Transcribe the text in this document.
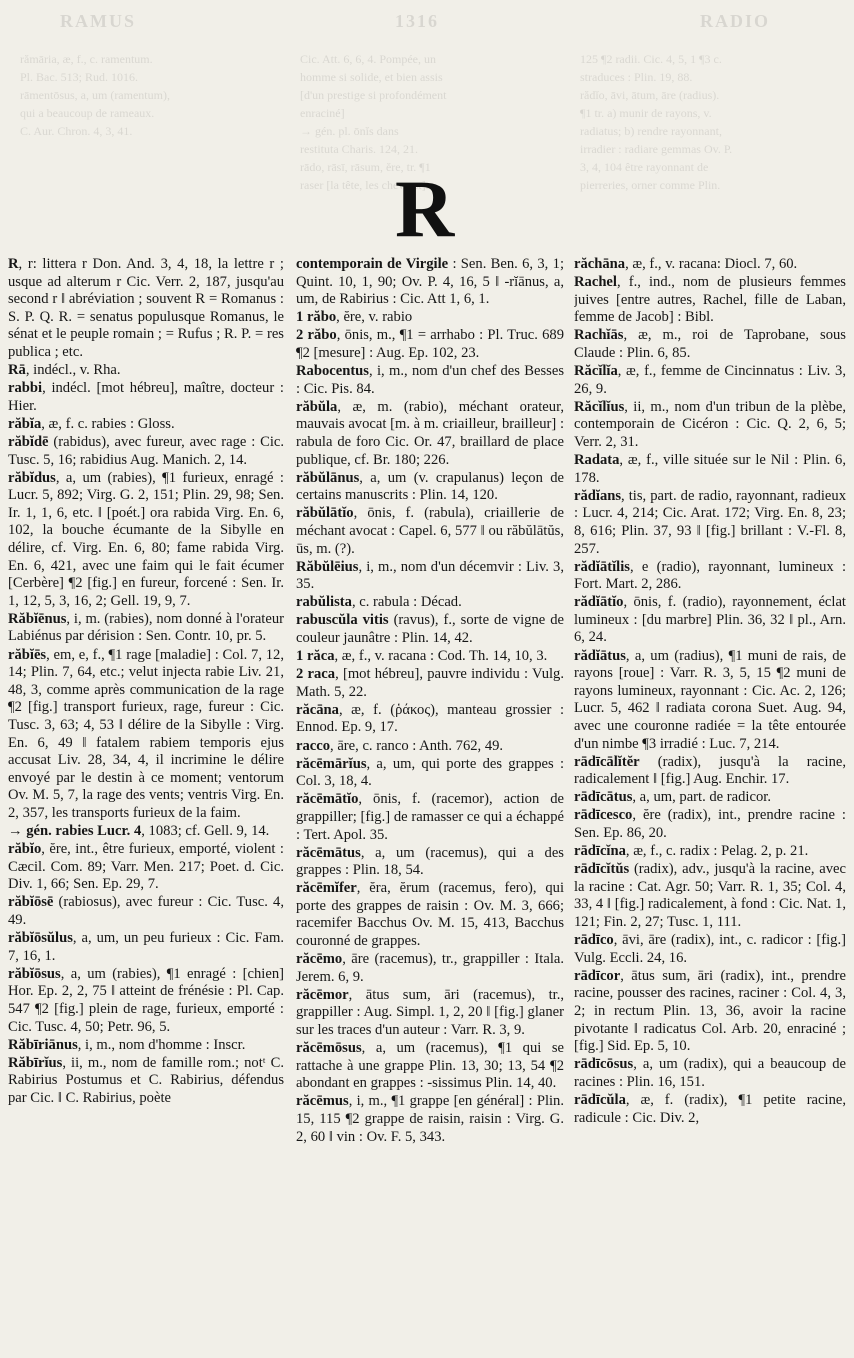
RAMUS	1316	RADIO
rămāria, æ, f., c. ramentum.
Pl. Bac. 513; Rud. 1016.
rāmentōsus, a, um (ramentum),
qui a beaucoup de rameaux.
C. Aur. Chron. 4, 3, 41.
Cic. Att. 6, 6, 4. Pompée, un
homme si solide, et bien assis
[d'un prestige si profondément
enraciné]
→ gén. pl. ōnĭs dans
restituta Charis. 124, 21.
rādo, rāsī, rāsum, ĕre, tr. ¶1
raser [la tête, les cheveux].
125 ¶2 radii. Cic. 4, 5, 1 ¶3 c.
straduces : Plin. 19, 88.
rădĭo, āvi, ātum, āre (radius).
¶1 tr. a) munir de rayons, v.
radiatus; b) rendre rayonnant,
irradier : radiare gemmas Ov. P.
3, 4, 104 être rayonnant de
pierreries, orner comme Plin.
R

R, r: littera r Don. And. 3, 4, 18, la lettre r ; usque ad alterum r Cic. Verr. 2, 187, jusqu'au second r ‖ abréviation ; souvent R = Romanus : S. P. Q. R. = senatus populusque Romanus, le sénat et le peuple romain ; = Rufus ; R. P. = res publica ; etc.

Rā, indécl., v. Rha.

rabbi, indécl. [mot hébreu], maître, docteur : Hier.

răbĭa, æ, f. c. rabies : Gloss.

răbĭdē (rabidus), avec fureur, avec rage : Cic. Tusc. 5, 16; rabidius Aug. Manich. 2, 14.

răbĭdus, a, um (rabies), ¶1 furieux, enragé : Lucr. 5, 892; Virg. G. 2, 151; Plin. 29, 98; Sen. Ir. 1, 1, 6, etc. ‖ [poét.] ora rabida Virg. En. 6, 102, la bouche écumante de la Sibylle en délire, cf. Virg. En. 6, 80; fame rabida Virg. En. 6, 421, avec une faim qui le fait écumer [Cerbère] ¶2 [fig.] en fureur, forcené : Sen. Ir. 1, 12, 5, 3, 16, 2; Gell. 19, 9, 7.

Răbĭēnus, i, m. (rabies), nom donné à l'orateur Labiénus par dérision : Sen. Contr. 10, pr. 5.

răbĭēs, em, e, f., ¶1 rage [maladie] : Col. 7, 12, 14; Plin. 7, 64, etc.; velut injecta rabie Liv. 21, 48, 3, comme après communication de la rage ¶2 [fig.] transport furieux, rage, fureur : Cic. Tusc. 3, 63; 4, 53 ‖ délire de la Sibylle : Virg. En. 6, 49 ‖ fatalem rabiem temporis ejus accusat Liv. 28, 34, 4, il incrimine le délire envoyé par le destin à ce moment; ventorum Ov. M. 5, 7, la rage des vents; ventris Virg. En. 2, 357, les transports furieux de la faim.

→ gén. rabies Lucr. 4, 1083; cf. Gell. 9, 14.

răbĭo, ĕre, int., être furieux, emporté, violent : Cæcil. Com. 89; Varr. Men. 217; Poet. d. Cic. Div. 1, 66; Sen. Ep. 29, 7.

răbĭōsē (rabiosus), avec fureur : Cic. Tusc. 4, 49.

răbĭōsŭlus, a, um, un peu furieux : Cic. Fam. 7, 16, 1.

răbĭōsus, a, um (rabies), ¶1 enragé : [chien] Hor. Ep. 2, 2, 75 ‖ atteint de frénésie : Pl. Cap. 547 ¶2 [fig.] plein de rage, furieux, emporté : Cic. Tusc. 4, 50; Petr. 96, 5.

Răbīriānus, i, m., nom d'homme : Inscr.

Răbīrĭus, ii, m., nom de famille rom.; notᵗ C. Rabirius Postumus et C. Rabirius, défendus par Cic. ‖ C. Rabirius, poète

contemporain de Virgile : Sen. Ben. 6, 3, 1; Quint. 10, 1, 90; Ov. P. 4, 16, 5 ‖ -rĭānus, a, um, de Rabirius : Cic. Att 1, 6, 1.

1 răbo, ĕre, v. rabio

2 răbo, ōnis, m., ¶1 = arrhabo : Pl. Truc. 689 ¶2 [mesure] : Aug. Ep. 102, 23.

Rabocentus, i, m., nom d'un chef des Besses : Cic. Pis. 84.

răbŭla, æ, m. (rabio), méchant orateur, mauvais avocat [m. à m. criailleur, brailleur] : rabula de foro Cic. Or. 47, braillard de place publique, cf. Br. 180; 226.

răbŭlānus, a, um (v. crapulanus) leçon de certains manuscrits : Plin. 14, 120.

răbŭlātĭo, ōnis, f. (rabula), criaillerie de méchant avocat : Capel. 6, 577 ‖ ou răbŭlātŭs, ūs, m. (?).

Răbŭlēius, i, m., nom d'un décemvir : Liv. 3, 35.

rabŭlista, c. rabula : Décad.

rabuscŭla vitis (ravus), f., sorte de vigne de couleur jaunâtre : Plin. 14, 42.

1 răca, æ, f., v. racana : Cod. Th. 14, 10, 3.

2 raca, [mot hébreu], pauvre individu : Vulg. Math. 5, 22.

răcāna, æ, f. (ῥάκος), manteau grossier : Ennod. Ep. 9, 17.

racco, āre, c. ranco : Anth. 762, 49.

răcēmārĭus, a, um, qui porte des grappes : Col. 3, 18, 4.

răcēmātĭo, ōnis, f. (racemor), action de grappiller; [fig.] de ramasser ce qui a échappé : Tert. Apol. 35.

răcēmātus, a, um (racemus), qui a des grappes : Plin. 18, 54.

răcēmĭfer, ĕra, ĕrum (racemus, fero), qui porte des grappes de raisin : Ov. M. 3, 666; racemifer Bacchus Ov. M. 15, 413, Bacchus couronné de grappes.

răcēmo, āre (racemus), tr., grappiller : Itala. Jerem. 6, 9.

răcēmor, ātus sum, āri (racemus), tr., grappiller : Aug. Simpl. 1, 2, 20 ‖ [fig.] glaner sur les traces d'un auteur : Varr. R. 3, 9.

răcēmōsus, a, um (racemus), ¶1 qui se rattache à une grappe Plin. 13, 30; 13, 54 ¶2 abondant en grappes : -sissimus Plin. 14, 40.

răcēmus, i, m., ¶1 grappe [en général] : Plin. 15, 115 ¶2 grappe de raisin, raisin : Virg. G. 2, 60 ‖ vin : Ov. F. 5, 343.

răchāna, æ, f., v. racana: Diocl. 7, 60.

Rachel, f., ind., nom de plusieurs femmes juives [entre autres, Rachel, fille de Laban, femme de Jacob] : Bibl.

Rachĭās, æ, m., roi de Taprobane, sous Claude : Plin. 6, 85.

Răcĭlĭa, æ, f., femme de Cincinnatus : Liv. 3, 26, 9.

Răcĭlĭus, ii, m., nom d'un tribun de la plèbe, contemporain de Cicéron : Cic. Q. 2, 6, 5; Verr. 2, 31.

Radata, æ, f., ville située sur le Nil : Plin. 6, 178.

rădĭans, tis, part. de radio, rayonnant, radieux : Lucr. 4, 214; Cic. Arat. 172; Virg. En. 8, 23; 8, 616; Plin. 37, 93 ‖ [fig.] brillant : V.-Fl. 8, 257.

rădĭātĭlis, e (radio), rayonnant, lumineux : Fort. Mart. 2, 286.

rădĭātĭo, ōnis, f. (radio), rayonnement, éclat lumineux : [du marbre] Plin. 36, 32 ‖ pl., Arn. 6, 24.

rădĭātus, a, um (radius), ¶1 muni de rais, de rayons [roue] : Varr. R. 3, 5, 15 ¶2 muni de rayons lumineux, rayonnant : Cic. Ac. 2, 126; Lucr. 5, 462 ‖ radiata corona Suet. Aug. 94, avec une couronne radiée = la tête entourée d'un nimbe ¶3 irradié : Luc. 7, 214.

rādīcālĭtĕr (radix), jusqu'à la racine, radicalement ‖ [fig.] Aug. Enchir. 17.

rādīcātus, a, um, part. de radicor.

rādīcesco, ĕre (radix), int., prendre racine : Sen. Ep. 86, 20.

rādīcĭna, æ, f., c. radix : Pelag. 2, p. 21.

rādīcĭtŭs (radix), adv., jusqu'à la racine, avec la racine : Cat. Agr. 50; Varr. R. 1, 35; Col. 4, 33, 4 ‖ [fig.] radicalement, à fond : Cic. Nat. 1, 121; Fin. 2, 27; Tusc. 1, 111.

rādīco, āvi, āre (radix), int., c. radicor : [fig.] Vulg. Eccli. 24, 16.

rādīcor, ātus sum, āri (radix), int., prendre racine, pousser des racines, raciner : Col. 4, 3, 2; in rectum Plin. 13, 36, avoir la racine pivotante ‖ radicatus Col. Arb. 20, enraciné ; [fig.] Sid. Ep. 5, 10.

rādīcōsus, a, um (radix), qui a beaucoup de racines : Plin. 16, 151.

rādīcŭla, æ, f. (radix), ¶1 petite racine, radicule : Cic. Div. 2,
